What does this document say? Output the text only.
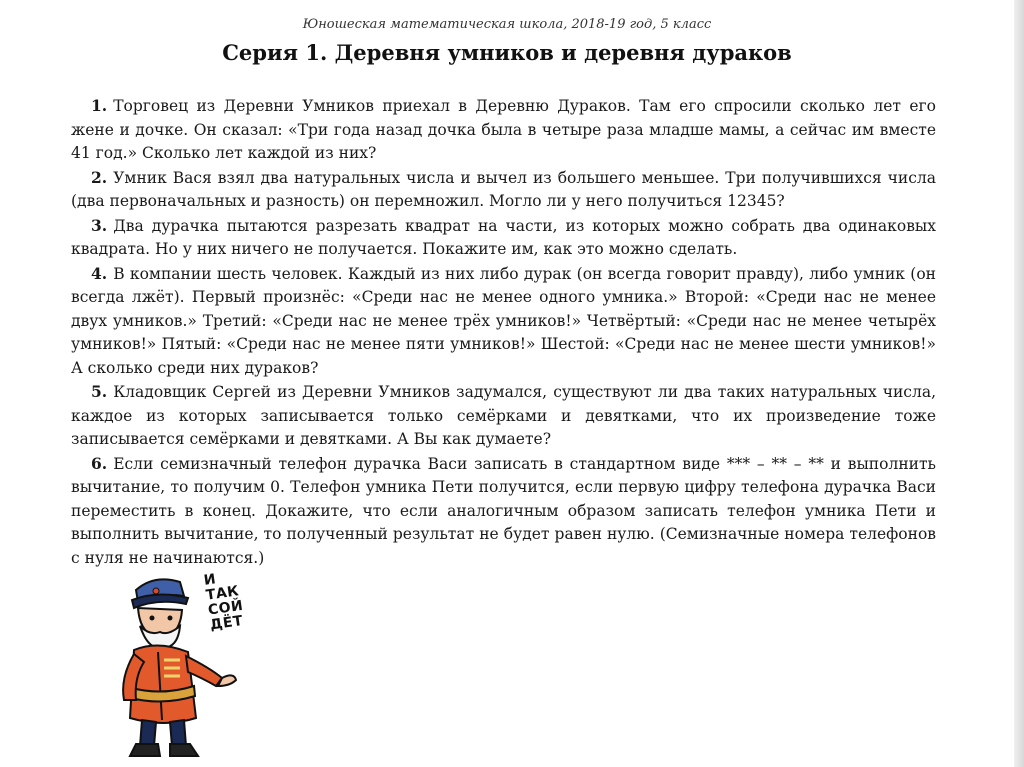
Юношеская математическая школа, 2018-19 год, 5 класс
Серия 1. Деревня умников и деревня дураков

1. Торговец из Деревни Умников приехал в Деревню Дураков. Там его спросили сколько лет его жене и дочке. Он сказал: «Три года назад дочка была в четыре раза младше мамы, а сейчас им вместе 41 год.» Сколько лет каждой из них?

2. Умник Вася взял два натуральных числа и вычел из большего меньшее. Три получившихся числа (два первоначальных и разность) он перемножил. Могло ли у него получиться 12345?

3. Два дурачка пытаются разрезать квадрат на части, из которых можно собрать два одинаковых квадрата. Но у них ничего не получается. Покажите им, как это можно сделать.

4. В компании шесть человек. Каждый из них либо дурак (он всегда говорит правду), либо умник (он всегда лжёт). Первый произнёс: «Среди нас не менее одного умника.» Второй: «Среди нас не менее двух умников.» Третий: «Среди нас не менее трёх умников!» Четвёртый: «Среди нас не менее четырёх умников!» Пятый: «Среди нас не менее пяти умников!» Шестой: «Среди нас не менее шести умников!» А сколько среди них дураков?

5. Кладовщик Сергей из Деревни Умников задумался, существуют ли два таких натуральных числа, каждое из которых записывается только семёрками и девятками, что их произведение тоже записывается семёрками и девятками. А Вы как думаете?

6. Если семизначный телефон дурачка Васи записать в стандартном виде *** – ** – ** и выполнить вычитание, то получим 0. Телефон умника Пети получится, если первую цифру телефона дурачка Васи переместить в конец. Докажите, что если аналогичным образом записать телефон умника Пети и выполнить вычитание, то полученный результат не будет равен нулю. (Семизначные номера телефонов с нуля не начинаются.)

И ТАК
СОЙ
ДЁТ
